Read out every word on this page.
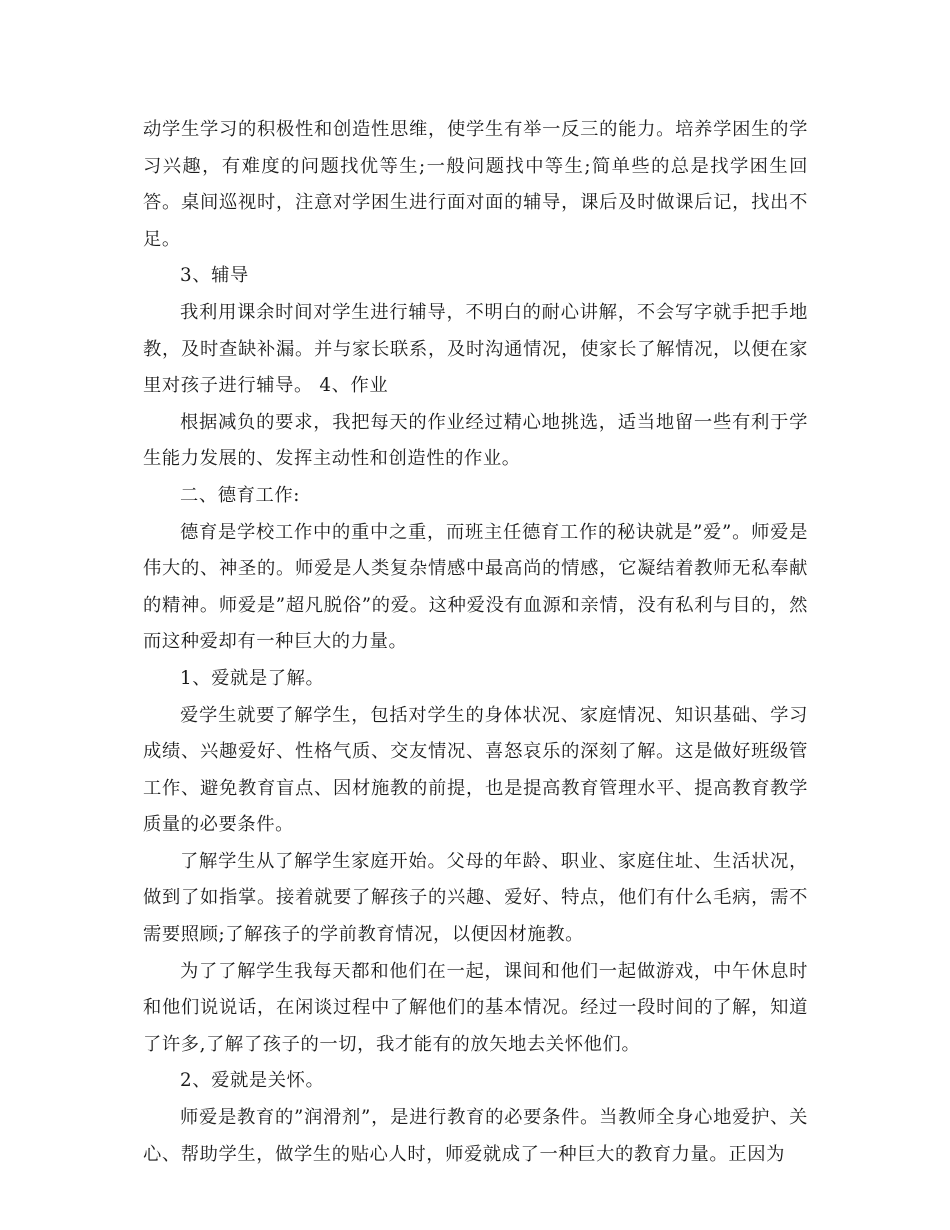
动学生学习的积极性和创造性思维，使学生有举一反三的能力。培养学困生的学习兴趣，有难度的问题找优等生;一般问题找中等生;简单些的总是找学困生回答。桌间巡视时，注意对学困生进行面对面的辅导，课后及时做课后记，找出不足。

3、辅导

我利用课余时间对学生进行辅导，不明白的耐心讲解，不会写字就手把手地教，及时查缺补漏。并与家长联系，及时沟通情况，使家长了解情况，以便在家里对孩子进行辅导。 4、作业

根据减负的要求，我把每天的作业经过精心地挑选，适当地留一些有利于学生能力发展的、发挥主动性和创造性的作业。

二、德育工作:

德育是学校工作中的重中之重，而班主任德育工作的秘诀就是”爱”。师爱是伟大的、神圣的。师爱是人类复杂情感中最高尚的情感，它凝结着教师无私奉献的精神。师爱是”超凡脱俗”的爱。这种爱没有血源和亲情，没有私利与目的，然而这种爱却有一种巨大的力量。

1、爱就是了解。

爱学生就要了解学生，包括对学生的身体状况、家庭情况、知识基础、学习成绩、兴趣爱好、性格气质、交友情况、喜怒哀乐的深刻了解。这是做好班级管工作、避免教育盲点、因材施教的前提，也是提高教育管理水平、提高教育教学质量的必要条件。

了解学生从了解学生家庭开始。父母的年龄、职业、家庭住址、生活状况，做到了如指掌。接着就要了解孩子的兴趣、爱好、特点，他们有什么毛病，需不需要照顾;了解孩子的学前教育情况，以便因材施教。

为了了解学生我每天都和他们在一起，课间和他们一起做游戏，中午休息时和他们说说话，在闲谈过程中了解他们的基本情况。经过一段时间的了解，知道了许多,了解了孩子的一切，我才能有的放矢地去关怀他们。

2、爱就是关怀。

师爱是教育的”润滑剂”，是进行教育的必要条件。当教师全身心地爱护、关心、帮助学生，做学生的贴心人时，师爱就成了一种巨大的教育力量。正因为
